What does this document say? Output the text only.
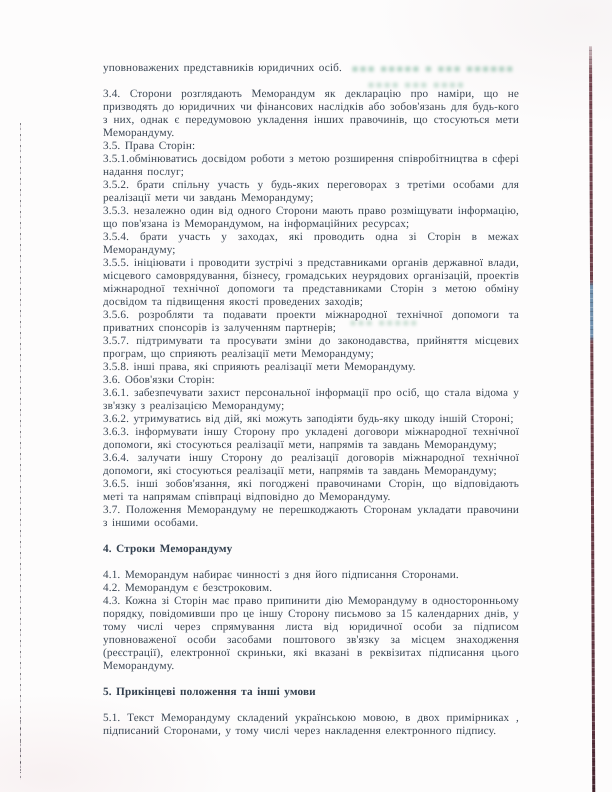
■■■ ■■■■■ ■ ■■■ ■■■■■■
■■■■ ■■■ ■■■■
■■■ ■■■■■

уповноважених представників юридичних осіб.

3.4. Сторони розглядають Меморандум як декларацію про наміри, що не призводять до юридичних чи фінансових наслідків або зобов'язань для будь-кого з них, однак є передумовою укладення інших правочинів, що стосуються мети Меморандуму.

3.5. Права Сторін:

3.5.1.обмінюватись досвідом роботи з метою розширення співробітництва в сфері надання послуг;

3.5.2. брати спільну участь у будь-яких переговорах з третіми особами для реалізації мети чи завдань Меморандуму;

3.5.3. незалежно один від одного Сторони мають право розміщувати інформацію, що пов'язана із Меморандумом, на інформаційних ресурсах;

3.5.4. брати участь у заходах, які проводить одна зі Сторін в межах Меморандуму;

3.5.5. ініціювати і проводити зустрічі з представниками органів державної влади, місцевого самоврядування, бізнесу, громадських неурядових організацій, проектів міжнародної технічної допомоги та представниками Сторін з метою обміну досвідом та підвищення якості проведених заходів;

3.5.6. розробляти та подавати проекти міжнародної технічної допомоги та приватних спонсорів із залученням партнерів;

3.5.7. підтримувати та просувати зміни до законодавства, прийняття місцевих програм, що сприяють реалізації мети Меморандуму;

3.5.8. інші права, які сприяють реалізації мети Меморандуму.

3.6. Обов'язки Сторін:

3.6.1. забезпечувати захист персональної інформації про осіб, що стала відома у зв'язку з реалізацією Меморандуму;

3.6.2. утримуватись від дій, які можуть заподіяти будь-яку шкоду іншій Стороні;

3.6.3. інформувати іншу Сторону про укладені договори міжнародної технічної допомоги, які стосуються реалізації мети, напрямів та завдань Меморандуму;

3.6.4. залучати іншу Сторону до реалізації договорів міжнародної технічної допомоги, які стосуються реалізації мети, напрямів та завдань Меморандуму;

3.6.5. інші зобов'язання, які погоджені правочинами Сторін, що відповідають меті та напрямам співпраці відповідно до Меморандуму.

3.7. Положення Меморандуму не перешкоджають Сторонам укладати правочини з іншими особами.

4. Строки Меморандуму

4.1. Меморандум набирає чинності з дня його підписання Сторонами.

4.2. Меморандум є безстроковим.

4.3. Кожна зі Сторін має право припинити дію Меморандуму в односторонньому порядку, повідомивши про це іншу Сторону письмово за 15 календарних днів, у тому числі через спрямування листа від юридичної особи за підписом уповноваженої особи засобами поштового зв'язку за місцем знаходження (реєстрації), електронної скриньки, які вказані в реквізитах підписання цього Меморандуму.

5. Прикінцеві положення та інші умови

5.1. Текст Меморандуму складений українською мовою, в двох примірниках , підписаний Сторонами, у тому числі через накладення електронного підпису.
